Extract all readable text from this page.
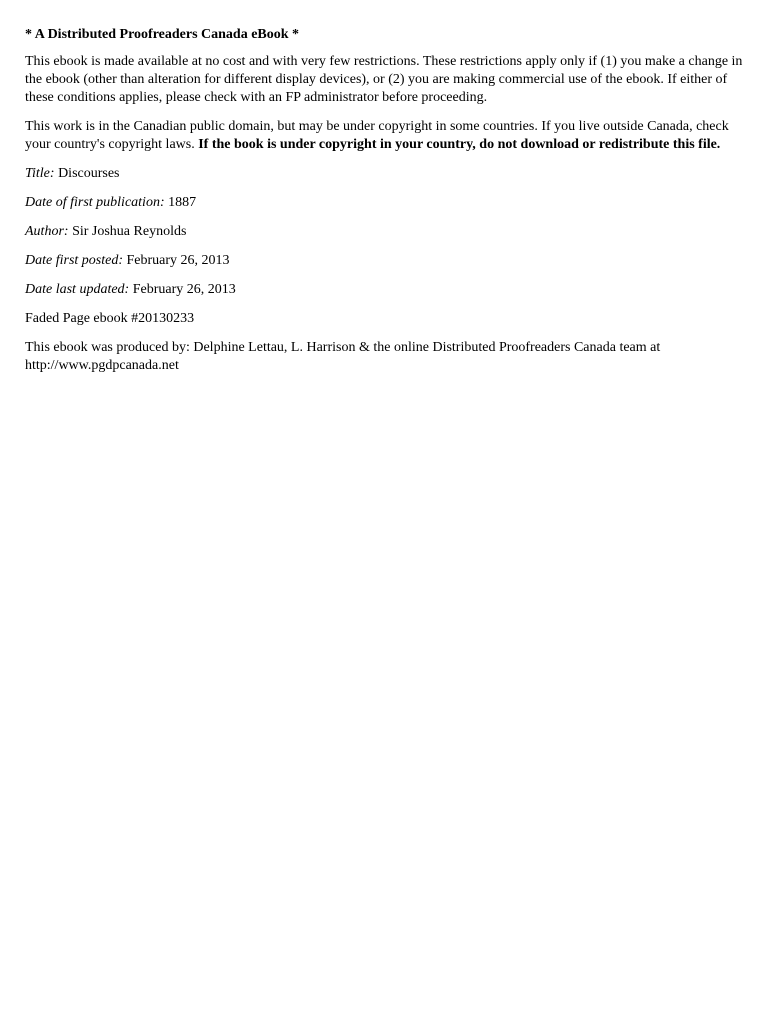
* A Distributed Proofreaders Canada eBook *

This ebook is made available at no cost and with very few restrictions. These restrictions apply only if (1) you make a change in the ebook (other than alteration for different display devices), or (2) you are making commercial use of the ebook. If either of these conditions applies, please check with an FP administrator before proceeding.

This work is in the Canadian public domain, but may be under copyright in some countries. If you live outside Canada, check your country's copyright laws. If the book is under copyright in your country, do not download or redistribute this file.

Title: Discourses

Date of first publication: 1887

Author: Sir Joshua Reynolds

Date first posted: February 26, 2013

Date last updated: February 26, 2013

Faded Page ebook #20130233

This ebook was produced by: Delphine Lettau, L. Harrison & the online Distributed Proofreaders Canada team at http://www.pgdpcanada.net
